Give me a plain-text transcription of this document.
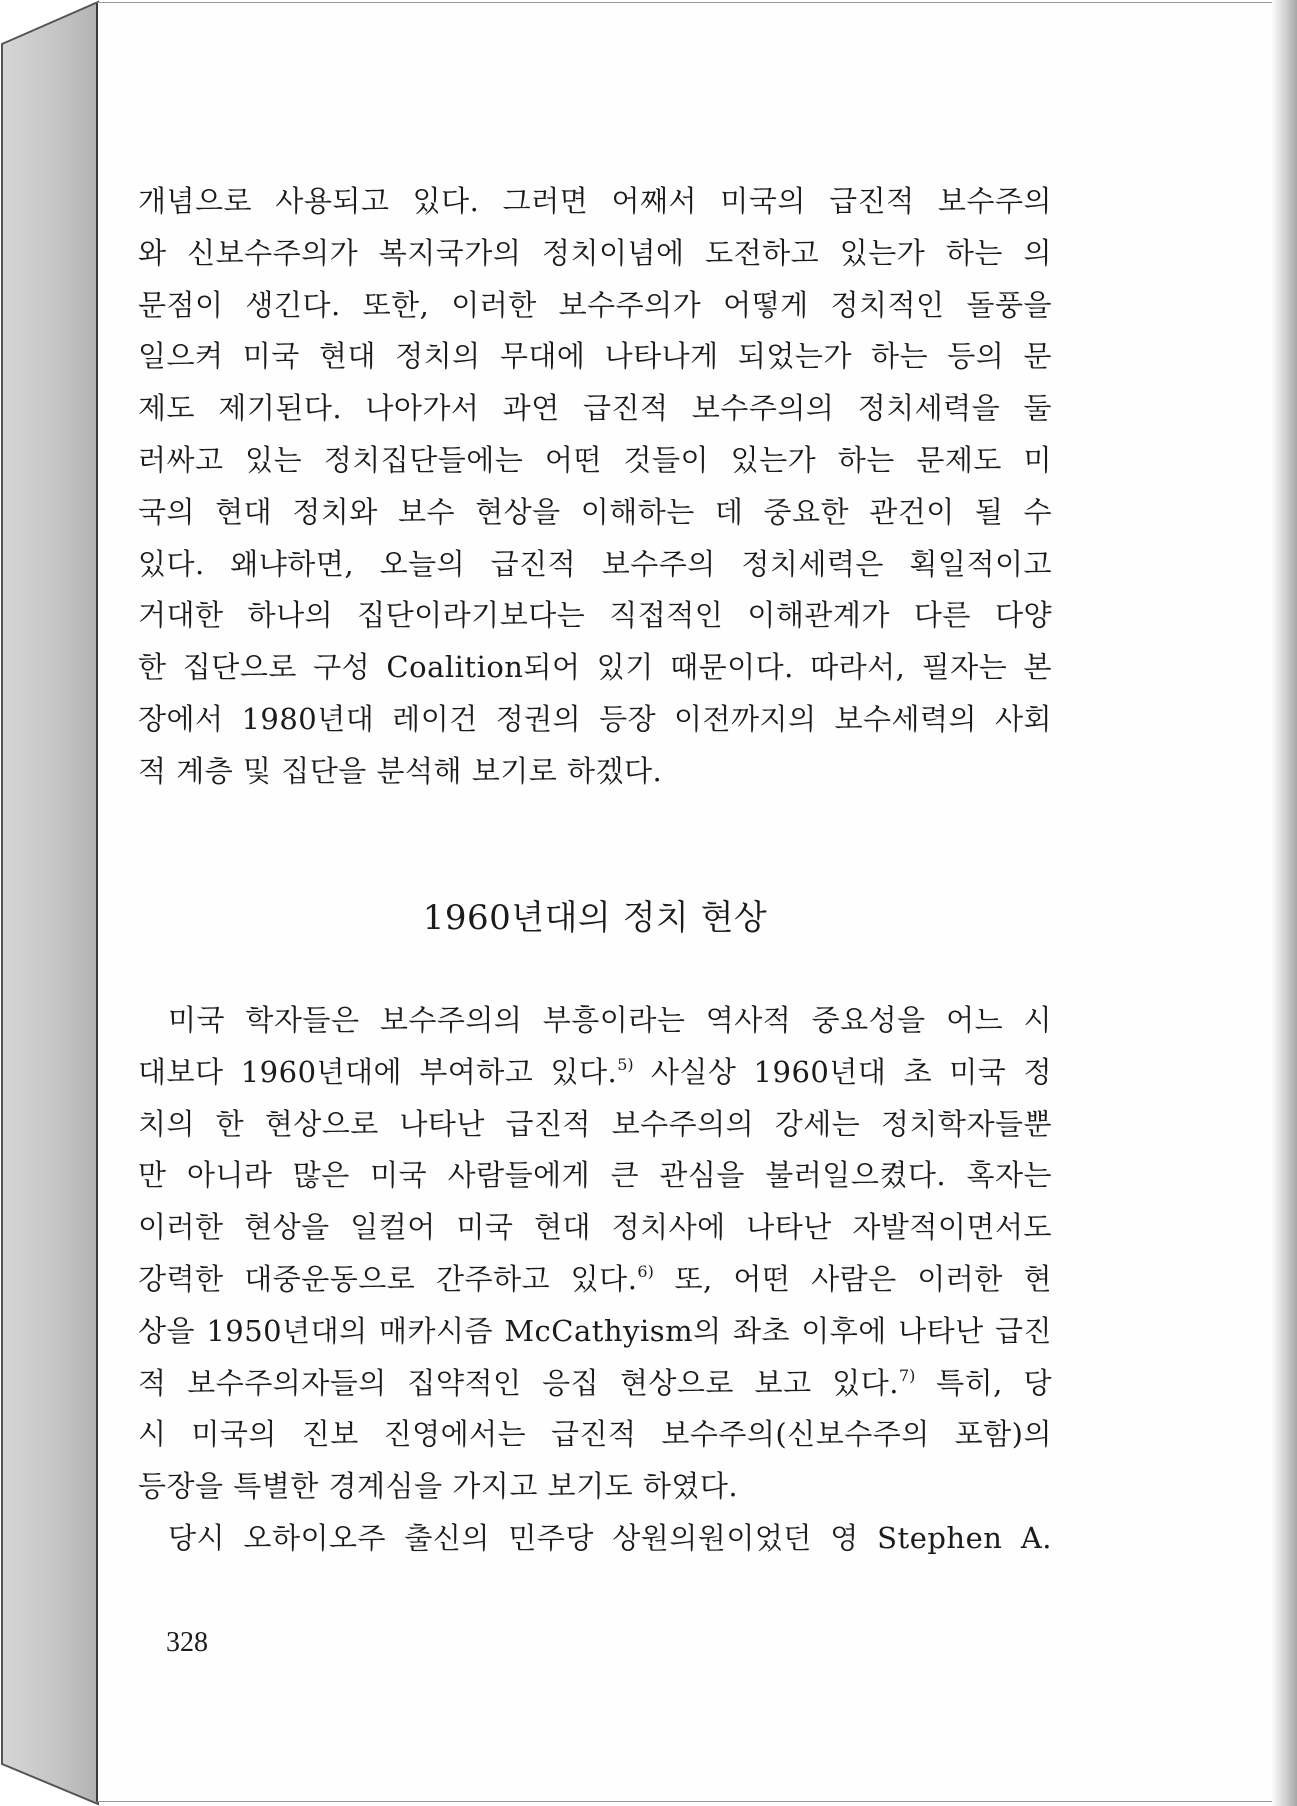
개념으로 사용되고 있다. 그러면 어째서 미국의 급진적 보수주의
와 신보수주의가 복지국가의 정치이념에 도전하고 있는가 하는 의
문점이 생긴다. 또한, 이러한 보수주의가 어떻게 정치적인 돌풍을
일으켜 미국 현대 정치의 무대에 나타나게 되었는가 하는 등의 문
제도 제기된다. 나아가서 과연 급진적 보수주의의 정치세력을 둘
러싸고 있는 정치집단들에는 어떤 것들이 있는가 하는 문제도 미
국의 현대 정치와 보수 현상을 이해하는 데 중요한 관건이 될 수
있다. 왜냐하면, 오늘의 급진적 보수주의 정치세력은 획일적이고
거대한 하나의 집단이라기보다는 직접적인 이해관계가 다른 다양
한 집단으로 구성 Coalition되어 있기 때문이다. 따라서, 필자는 본
장에서 1980년대 레이건 정권의 등장 이전까지의 보수세력의 사회
적 계층 및 집단을 분석해 보기로 하겠다.
1960년대의 정치 현상
미국 학자들은 보수주의의 부흥이라는 역사적 중요성을 어느 시
대보다 1960년대에 부여하고 있다.$^{5)}$ 사실상 1960년대 초 미국 정
치의 한 현상으로 나타난 급진적 보수주의의 강세는 정치학자들뿐
만 아니라 많은 미국 사람들에게 큰 관심을 불러일으켰다. 혹자는
이러한 현상을 일컬어 미국 현대 정치사에 나타난 자발적이면서도
강력한 대중운동으로 간주하고 있다.$^{6)}$ 또, 어떤 사람은 이러한 현
상을 1950년대의 매카시즘 McCathyism의 좌초 이후에 나타난 급진
적 보수주의자들의 집약적인 응집 현상으로 보고 있다.$^{7)}$ 특히, 당
시 미국의 진보 진영에서는 급진적 보수주의(신보수주의 포함)의
등장을 특별한 경계심을 가지고 보기도 하였다.
당시 오하이오주 출신의 민주당 상원의원이었던 영 Stephen A.
328
